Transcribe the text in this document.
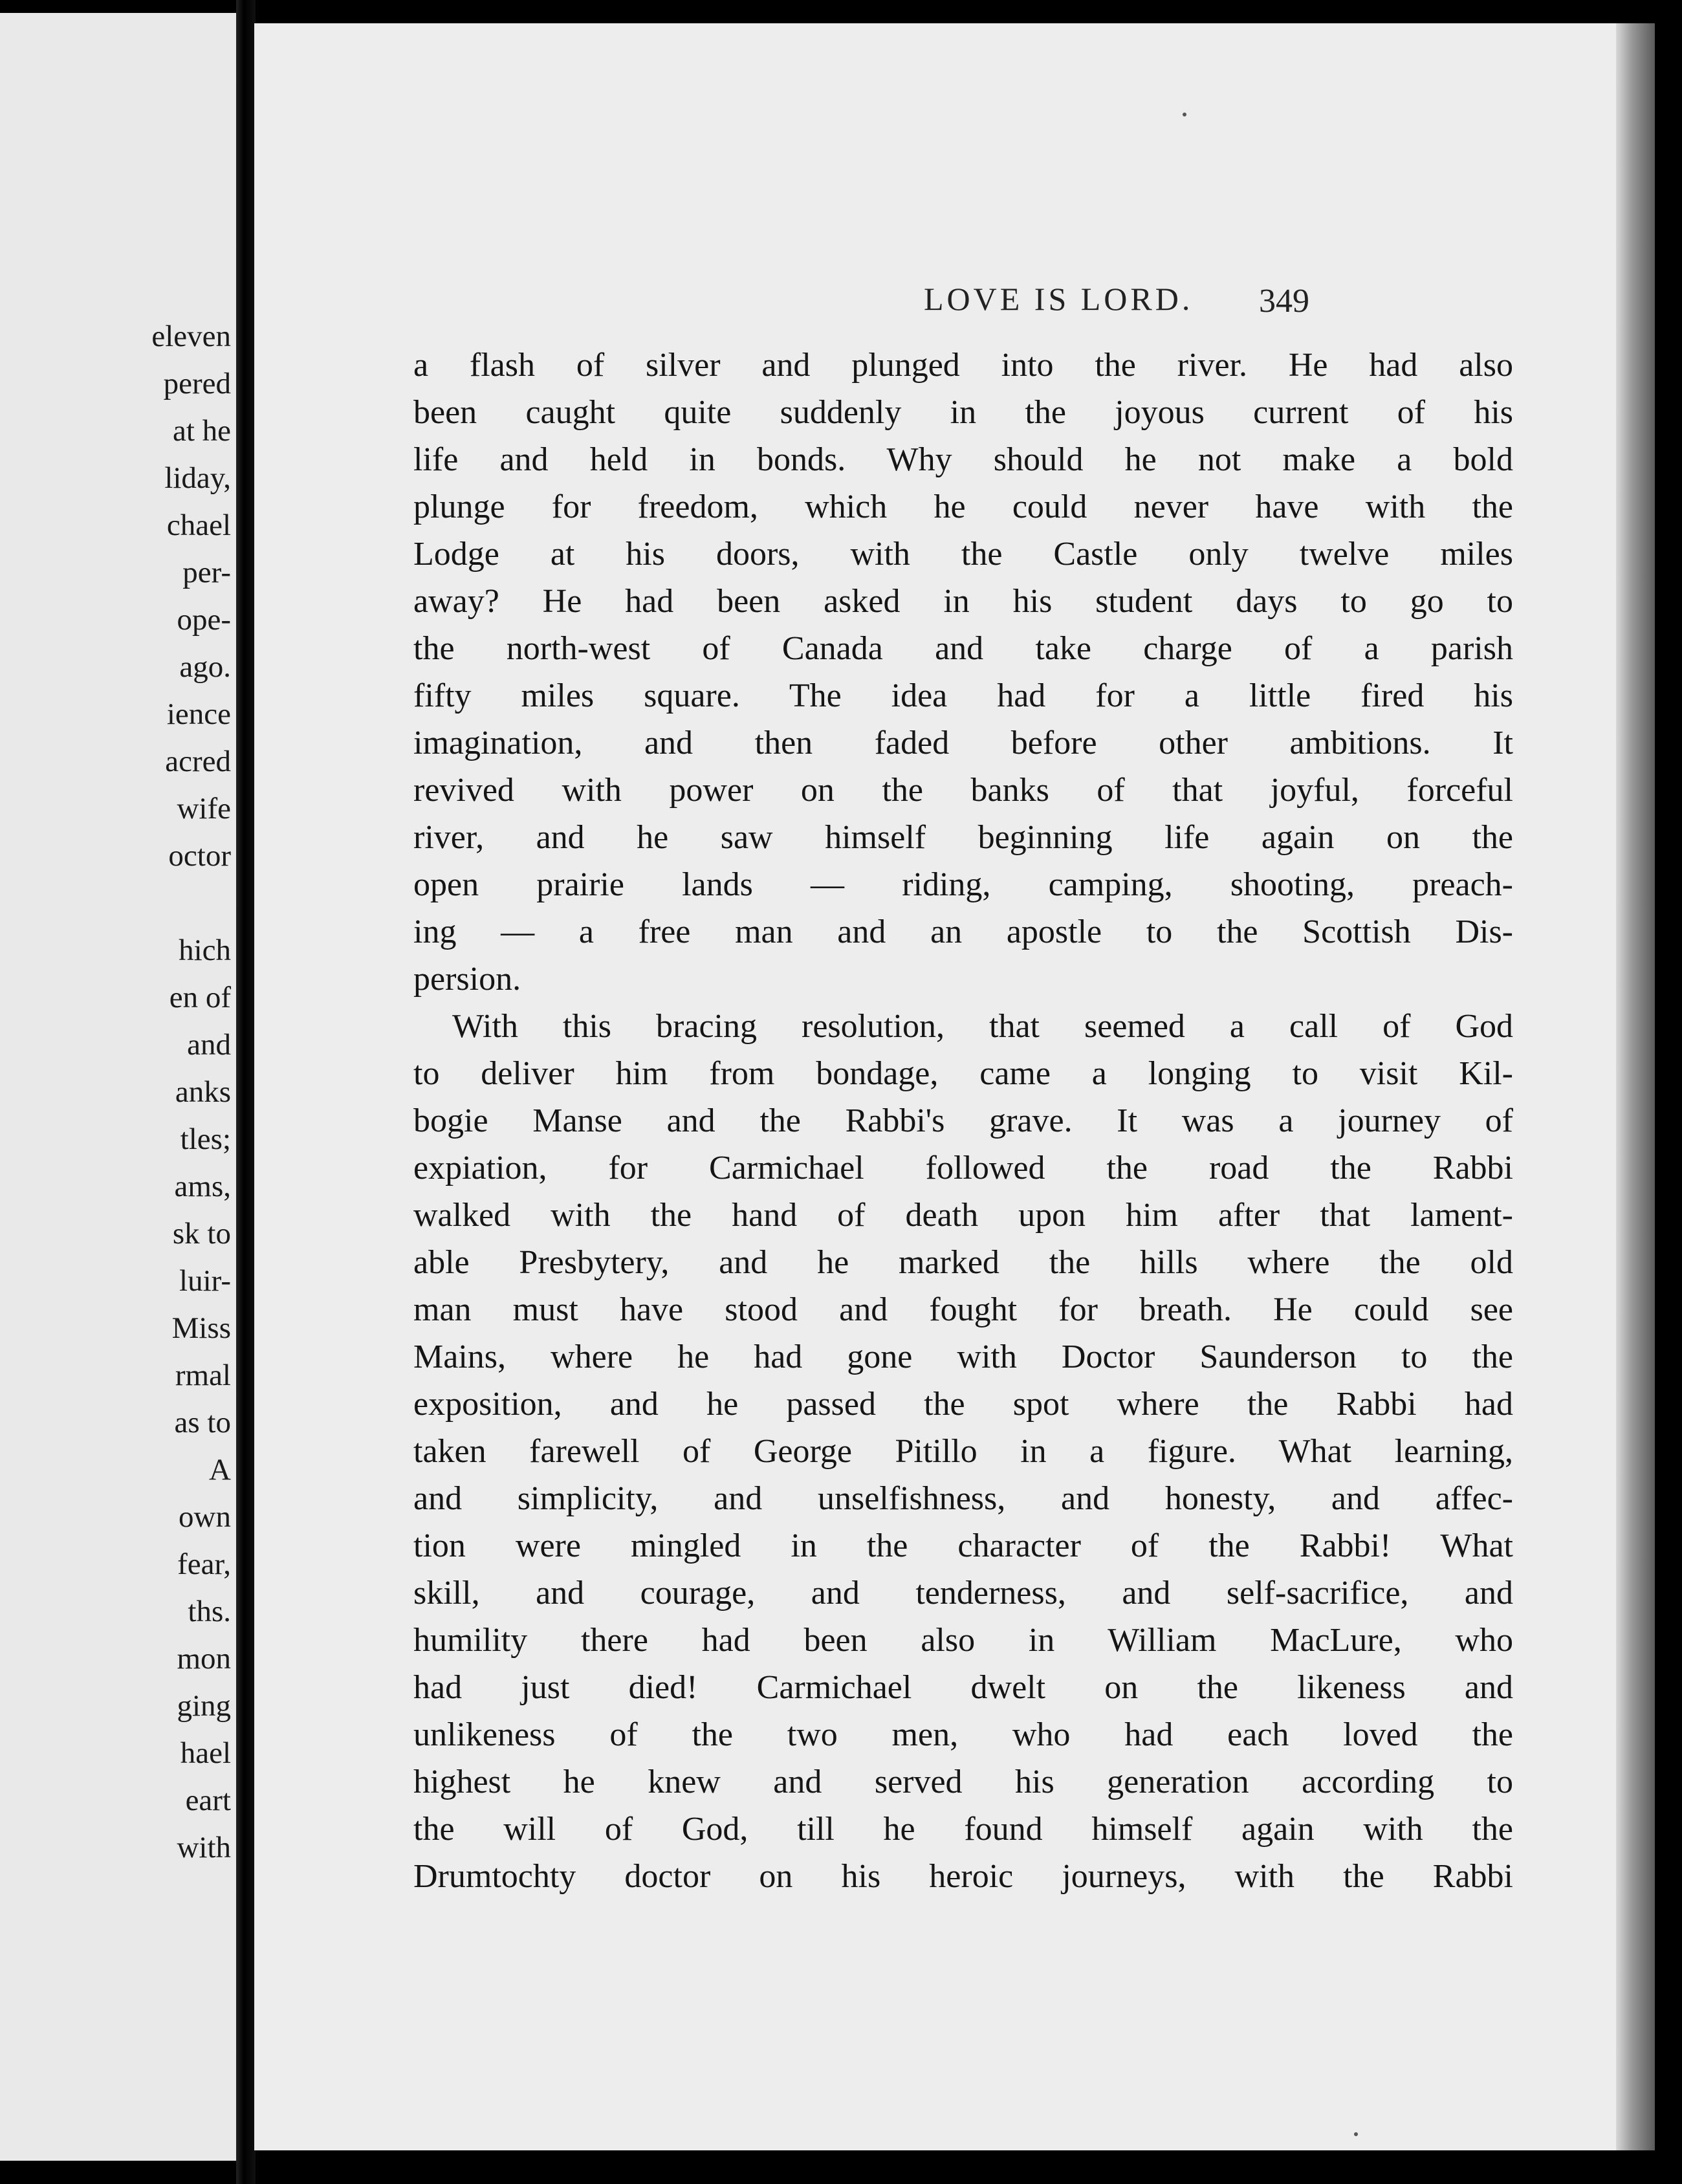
eleven
pered
at he
liday,
chael
per-
ope-
ago.
ience
acred
wife
octor
hich
en of
and
anks
tles;
ams,
sk to
luir-
Miss
rmal
as to
A
own
fear,
ths.
mon
ging
hael
eart
with
LOVE IS LORD. 349
a flash of silver and plunged into the river. He had also
been caught quite suddenly in the joyous current of his
life and held in bonds. Why should he not make a bold
plunge for freedom, which he could never have with the
Lodge at his doors, with the Castle only twelve miles
away? He had been asked in his student days to go to
the north-west of Canada and take charge of a parish
fifty miles square. The idea had for a little fired his
imagination, and then faded before other ambitions. It
revived with power on the banks of that joyful, forceful
river, and he saw himself beginning life again on the
open prairie lands — riding, camping, shooting, preach-
ing — a free man and an apostle to the Scottish Dis-
persion.
With this bracing resolution, that seemed a call of God
to deliver him from bondage, came a longing to visit Kil-
bogie Manse and the Rabbi's grave. It was a journey of
expiation, for Carmichael followed the road the Rabbi
walked with the hand of death upon him after that lament-
able Presbytery, and he marked the hills where the old
man must have stood and fought for breath. He could see
Mains, where he had gone with Doctor Saunderson to the
exposition, and he passed the spot where the Rabbi had
taken farewell of George Pitillo in a figure. What learning,
and simplicity, and unselfishness, and honesty, and affec-
tion were mingled in the character of the Rabbi! What
skill, and courage, and tenderness, and self-sacrifice, and
humility there had been also in William MacLure, who
had just died! Carmichael dwelt on the likeness and
unlikeness of the two men, who had each loved the
highest he knew and served his generation according to
the will of God, till he found himself again with the
Drumtochty doctor on his heroic journeys, with the Rabbi
